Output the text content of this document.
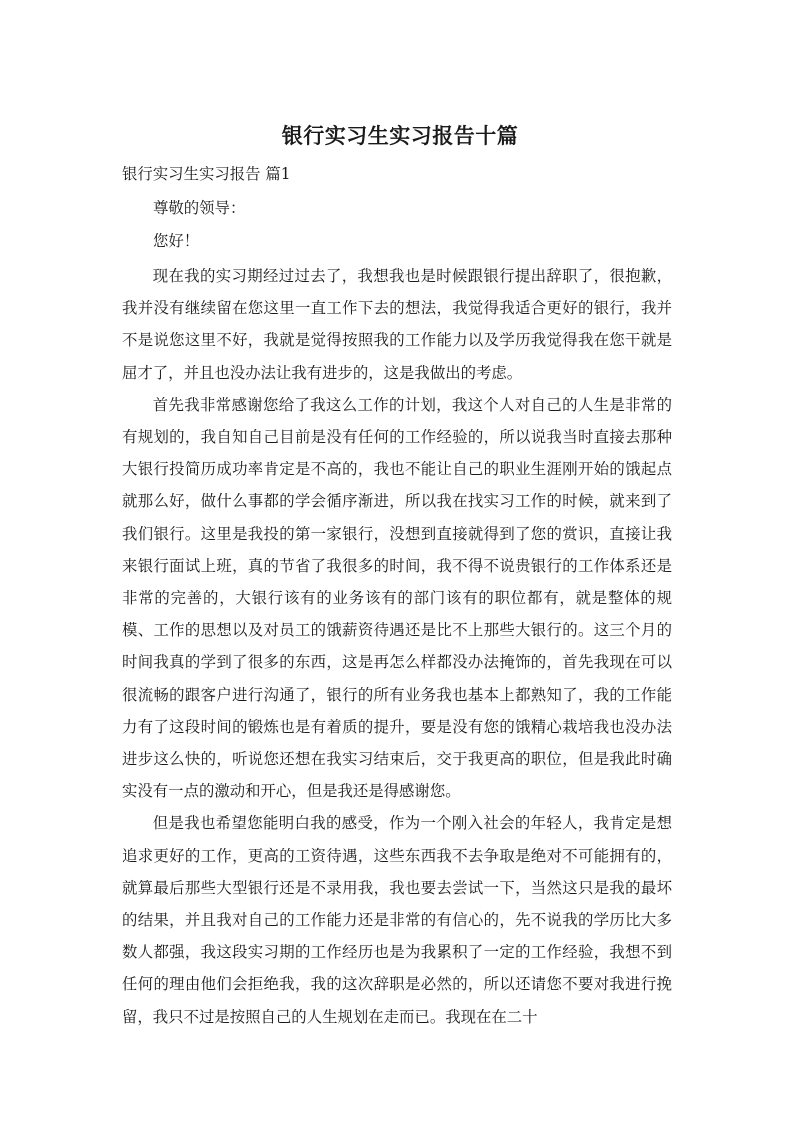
银行实习生实习报告十篇
银行实习生实习报告 篇1
尊敬的领导：
您好！

现在我的实习期经过过去了，我想我也是时候跟银行提出辞职了，很抱歉，我并没有继续留在您这里一直工作下去的想法，我觉得我适合更好的银行，我并不是说您这里不好，我就是觉得按照我的工作能力以及学历我觉得我在您干就是屈才了，并且也没办法让我有进步的，这是我做出的考虑。

首先我非常感谢您给了我这么工作的计划，我这个人对自己的人生是非常的有规划的，我自知自己目前是没有任何的工作经验的，所以说我当时直接去那种大银行投简历成功率肯定是不高的，我也不能让自己的职业生涯刚开始的饿起点就那么好，做什么事都的学会循序渐进，所以我在找实习工作的时候，就来到了我们银行。这里是我投的第一家银行，没想到直接就得到了您的赏识，直接让我来银行面试上班，真的节省了我很多的时间，我不得不说贵银行的工作体系还是非常的完善的，大银行该有的业务该有的部门该有的职位都有，就是整体的规模、工作的思想以及对员工的饿薪资待遇还是比不上那些大银行的。这三个月的时间我真的学到了很多的东西，这是再怎么样都没办法掩饰的，首先我现在可以很流畅的跟客户进行沟通了，银行的所有业务我也基本上都熟知了，我的工作能力有了这段时间的锻炼也是有着质的提升，要是没有您的饿精心栽培我也没办法进步这么快的，听说您还想在我实习结束后，交于我更高的职位，但是我此时确实没有一点的激动和开心，但是我还是得感谢您。

但是我也希望您能明白我的感受，作为一个刚入社会的年轻人，我肯定是想追求更好的工作，更高的工资待遇，这些东西我不去争取是绝对不可能拥有的，就算最后那些大型银行还是不录用我，我也要去尝试一下，当然这只是我的最坏的结果，并且我对自己的工作能力还是非常的有信心的，先不说我的学历比大多数人都强，我这段实习期的工作经历也是为我累积了一定的工作经验，我想不到任何的理由他们会拒绝我，我的这次辞职是必然的，所以还请您不要对我进行挽留，我只不过是按照自己的人生规划在走而已。我现在在二十
